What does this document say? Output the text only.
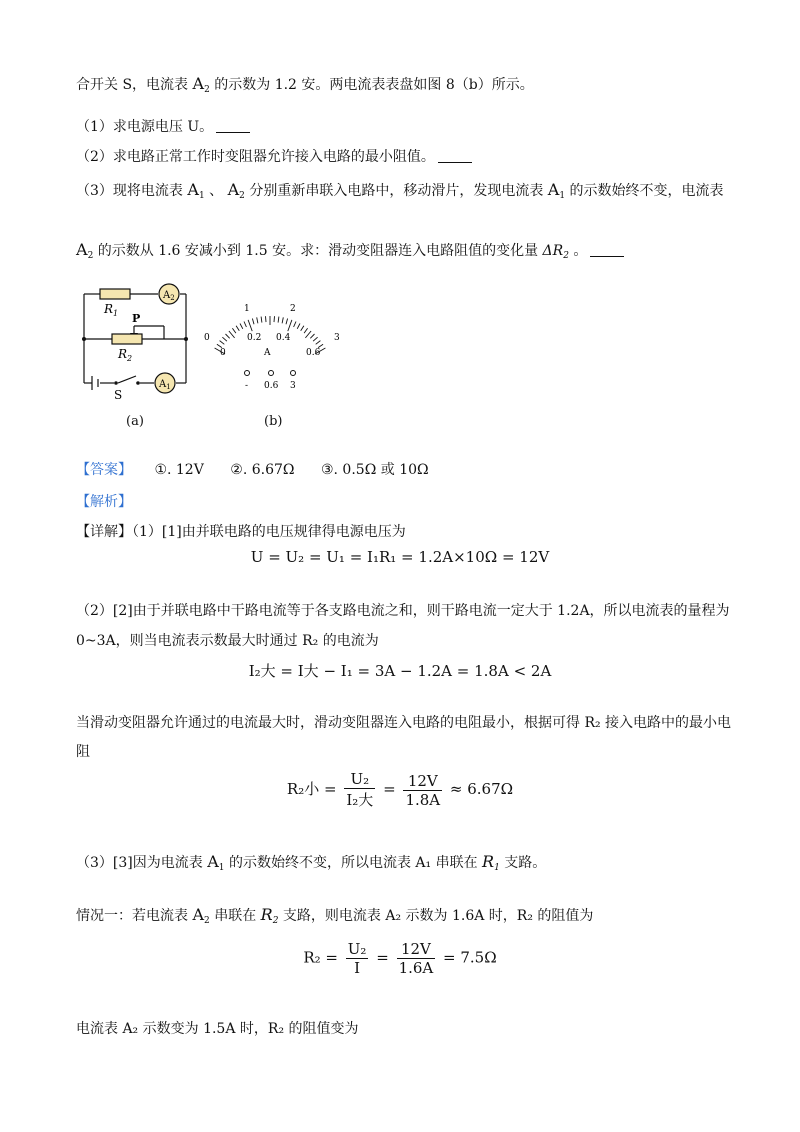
合开关 S，电流表 $A_2$ 的示数为 1.2 安。两电流表表盘如图 8（b）所示。
（1）求电源电压 U。
（2）求电路正常工作时变阻器允许接入电路的最小阻值。
（3）现将电流表 $A_1$ 、 $A_2$ 分别重新串联入电路中，移动滑片，发现电流表 $A_1$ 的示数始终不变，电流表
$A_2$ 的示数从 1.6 安减小到 1.5 安。求：滑动变阻器连入电路阻值的变化量 $\Delta R_2$ 。
$A_2$
$A_1$
$R_1$
$R_2$
P
S
0
1	2
3
0
0.2 0.4
0.6
A
- 0.6 3
(a)	(b)
【答案】 ①. 12V ②. 6.67Ω ③. 0.5Ω 或 10Ω
【解析】
【详解】（1）[1]由并联电路的电压规律得电源电压为
U = U₂ = U₁ = I₁R₁ = 1.2A×10Ω = 12V
（2）[2]由于并联电路中干路电流等于各支路电流之和，则干路电流一定大于 1.2A，所以电流表的量程为
0~3A，则当电流表示数最大时通过 R₂ 的电流为
I₂大 = I大 − I₁ = 3A − 1.2A = 1.8A < 2A
当滑动变阻器允许通过的电流最大时，滑动变阻器连入电路的电阻最小，根据可得 R₂ 接入电路中的最小电
阻
R₂小 = $\frac{\text{U₂}}{\text{I₂大}} = \frac{12V}{1.8A} \approx 6.67\Omega$
（3）[3]因为电流表 $A_1$ 的示数始终不变，所以电流表 A₁ 串联在 $R_1$ 支路。
情况一：若电流表 $A_2$ 串联在 $R_2$ 支路，则电流表 A₂ 示数为 1.6A 时，R₂ 的阻值为
$R_2 = \frac{\text{U₂}}{I} = \frac{12V}{1.6A} = 7.5\Omega$
电流表 A₂ 示数变为 1.5A 时，R₂ 的阻值变为
